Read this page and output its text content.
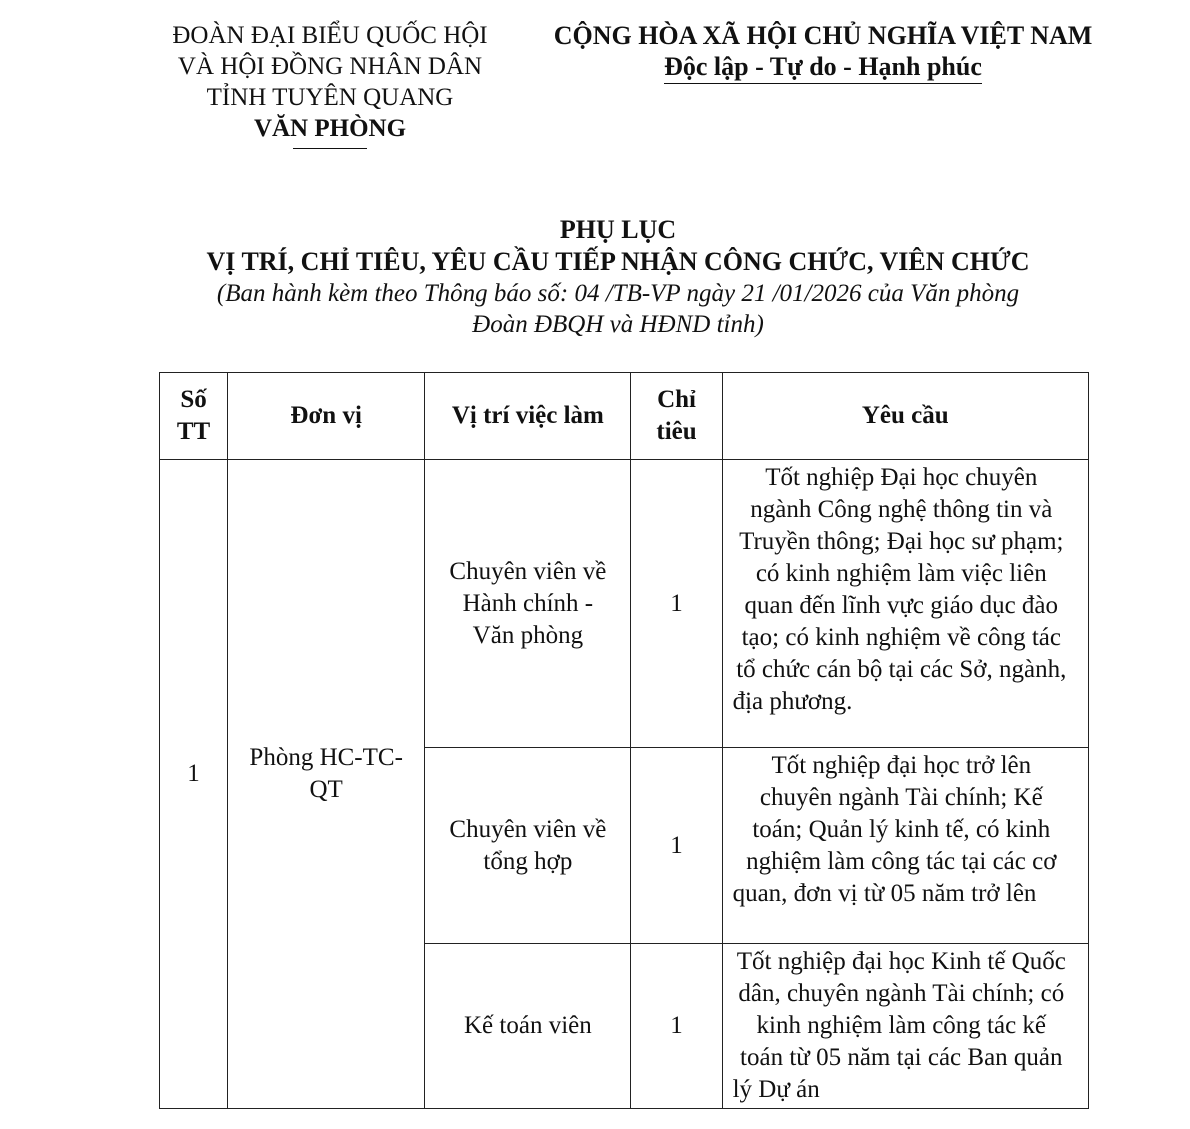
ĐOÀN ĐẠI BIỂU QUỐC HỘI
VÀ HỘI ĐỒNG NHÂN DÂN
TỈNH TUYÊN QUANG
VĂN PHÒNG
CỘNG HÒA XÃ HỘI CHỦ NGHĨA VIỆT NAM
Độc lập - Tự do - Hạnh phúc
PHỤ LỤC
VỊ TRÍ, CHỈ TIÊU, YÊU CẦU TIẾP NHẬN CÔNG CHỨC, VIÊN CHỨC
(Ban hành kèm theo Thông báo số: 04 /TB-VP ngày 21 /01/2026 của Văn phòng
Đoàn ĐBQH và HĐND tỉnh)
Số TT	Đơn vị	Vị trí việc làm	Chỉ tiêu	Yêu cầu

1	Phòng HC-TC-QT	Chuyên viên về Hành chính - Văn phòng	1	Tốt nghiệp Đại học chuyên ngành Công nghệ thông tin và Truyền thông; Đại học sư phạm; có kinh nghiệm làm việc liên quan đến lĩnh vực giáo dục đào tạo; có kinh nghiệm về công tác tổ chức cán bộ tại các Sở, ngành, địa phương.

		Chuyên viên về tổng hợp	1	Tốt nghiệp đại học trở lên chuyên ngành Tài chính; Kế toán; Quản lý kinh tế, có kinh nghiệm làm công tác tại các cơ quan, đơn vị từ 05 năm trở lên
		Kế toán viên	1	Tốt nghiệp đại học Kinh tế Quốc dân, chuyên ngành Tài chính; có kinh nghiệm làm công tác kế toán từ 05 năm tại các Ban quản lý Dự án
